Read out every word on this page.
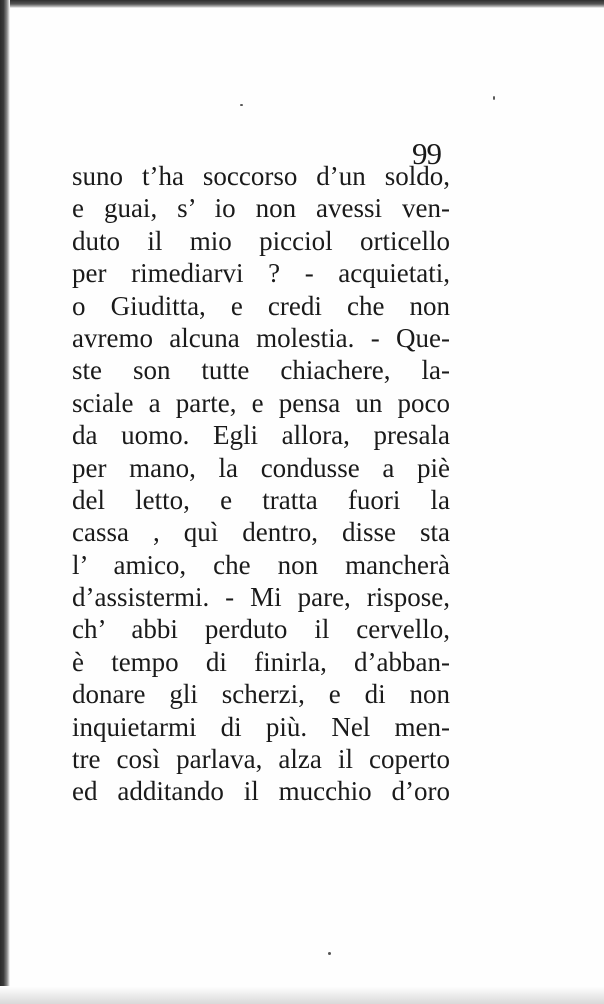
99
suno t’ha soccorso d’un soldo,
e guai, s’ io non avessi ven-
duto il mio picciol orticello
per rimediarvi ? - acquietati,
o Giuditta, e credi che non
avremo alcuna molestia. - Que-
ste son tutte chiachere, la-
sciale a parte, e pensa un poco
da uomo. Egli allora, presala
per mano, la condusse a piè
del letto, e tratta fuori la
cassa , quì dentro, disse sta
l’ amico, che non mancherà
d’assistermi. - Mi pare, rispose,
ch’ abbi perduto il cervello,
è tempo di finirla, d’abban-
donare gli scherzi, e di non
inquietarmi di più. Nel men-
tre così parlava, alza il coperto
ed additando il mucchio d’oro
